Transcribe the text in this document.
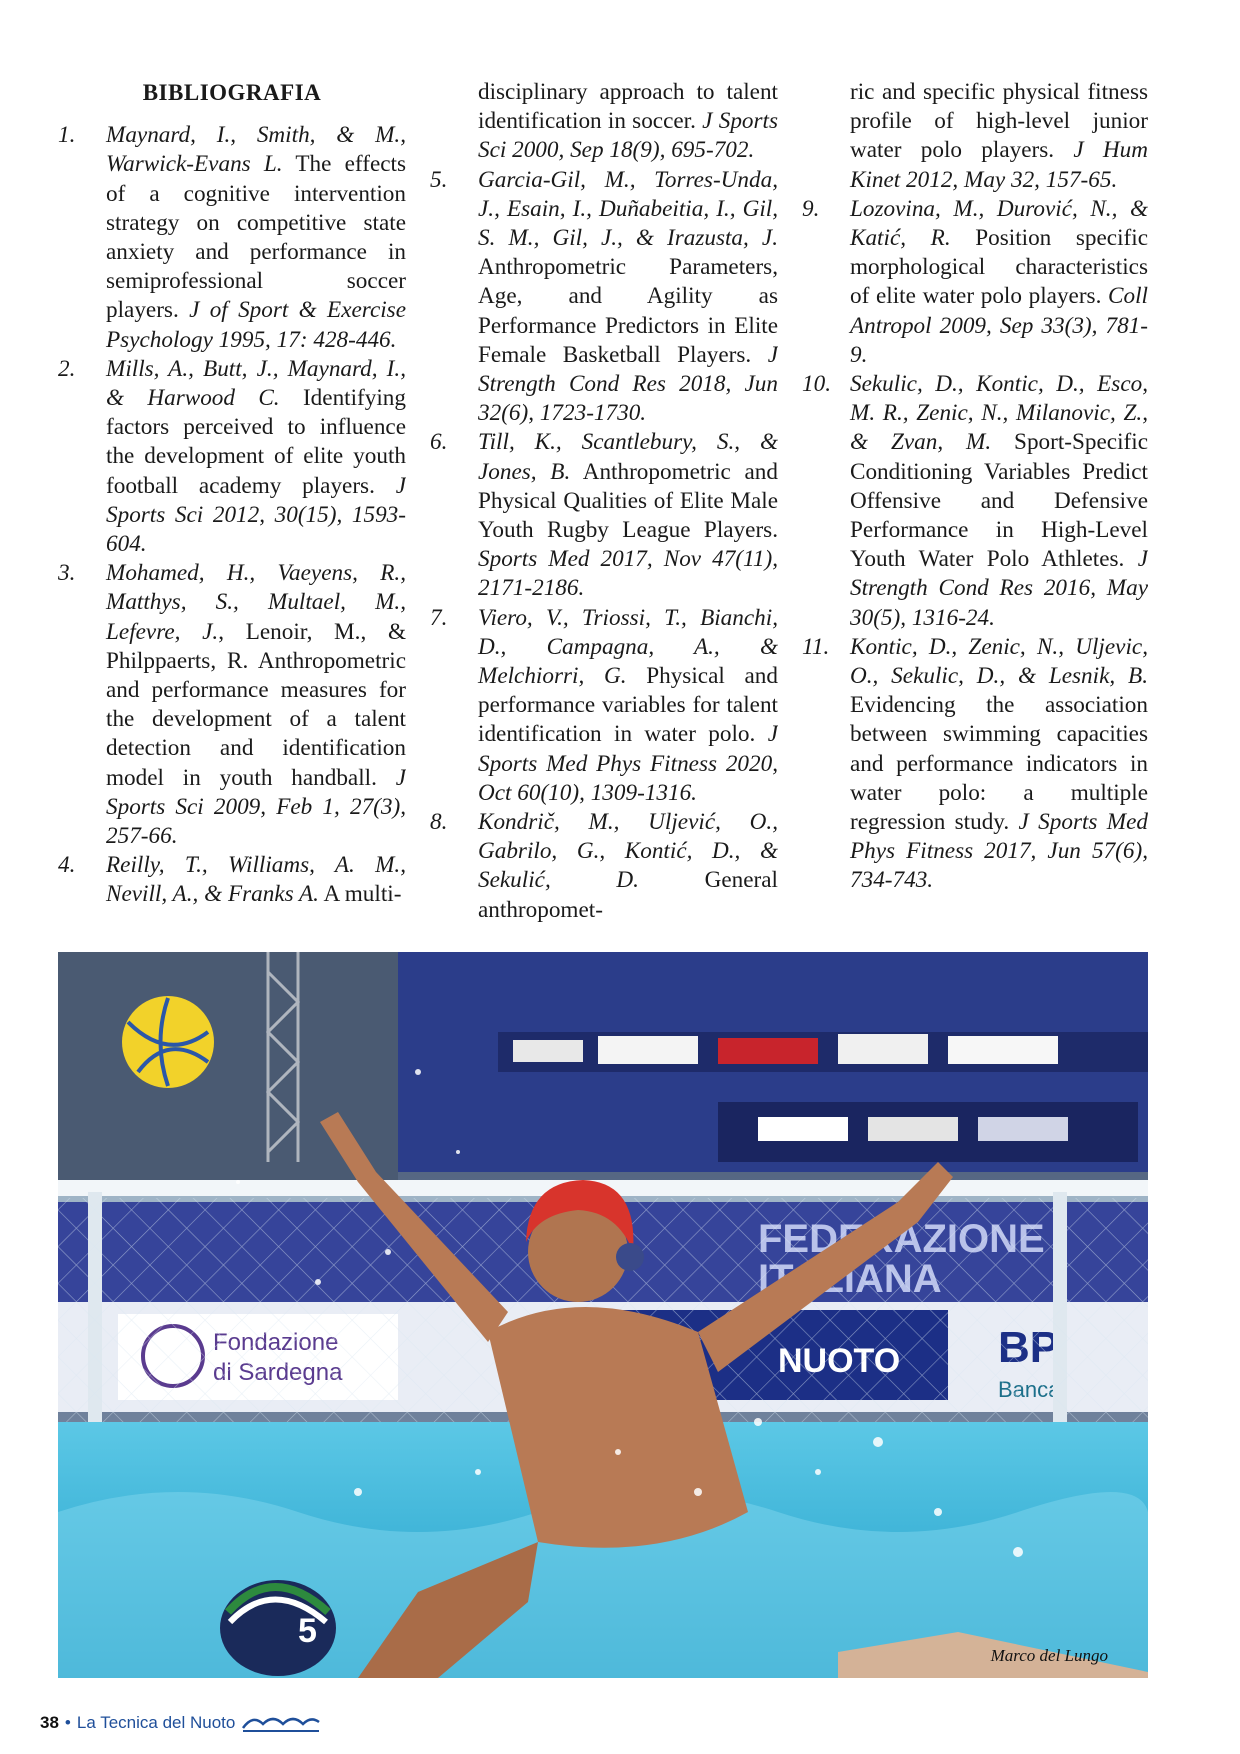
BIBLIOGRAFIA

1. Maynard, I., Smith, & M., Warwick-Evans L. The effects of a cognitive intervention strategy on competitive state anxiety and performance in semiprofessional soccer players. J of Sport & Exercise Psychology 1995, 17: 428-446.

2. Mills, A., Butt, J., Maynard, I., & Harwood C. Identifying factors perceived to influence the development of elite youth football academy players. J Sports Sci 2012, 30(15), 1593-604.

3. Mohamed, H., Vaeyens, R., Matthys, S., Multael, M., Lefevre, J., Lenoir, M., & Philppaerts, R. Anthropometric and performance measures for the development of a talent detection and identification model in youth handball. J Sports Sci 2009, Feb 1, 27(3), 257-66.

4. Reilly, T., Williams, A. M., Nevill, A., & Franks A. A multi-

disciplinary approach to talent identification in soccer. J Sports Sci 2000, Sep 18(9), 695-702.

5. Garcia-Gil, M., Torres-Unda, J., Esain, I., Duñabeitia, I., Gil, S. M., Gil, J., & Irazusta, J. Anthropometric Parameters, Age, and Agility as Performance Predictors in Elite Female Basketball Players. J Strength Cond Res 2018, Jun 32(6), 1723-1730.

6. Till, K., Scantlebury, S., & Jones, B. Anthropometric and Physical Qualities of Elite Male Youth Rugby League Players. Sports Med 2017, Nov 47(11), 2171-2186.

7. Viero, V., Triossi, T., Bianchi, D., Campagna, A., & Melchiorri, G. Physical and performance variables for talent identification in water polo. J Sports Med Phys Fitness 2020, Oct 60(10), 1309-1316.

8. Kondrič, M., Uljević, O., Gabrilo, G., Kontić, D., & Sekulić, D. General anthropomet-

ric and specific physical fitness profile of high-level junior water polo players. J Hum Kinet 2012, May 32, 157-65.

9. Lozovina, M., Durović, N., & Katić, R. Position specific morphological characteristics of elite water polo players. Coll Antropol 2009, Sep 33(3), 781-9.

10. Sekulic, D., Kontic, D., Esco, M. R., Zenic, N., Milanovic, Z., & Zvan, M. Sport-Specific Conditioning Variables Predict Offensive and Defensive Performance in High-Level Youth Water Polo Athletes. J Strength Cond Res 2016, May 30(5), 1316-24.

11. Kontic, D., Zenic, N., Uljevic, O., Sekulic, D., & Lesnik, B. Evidencing the association between swimming capacities and performance indicators in water polo: a multiple regression study. J Sports Med Phys Fitness 2017, Jun 57(6), 734-743.

5
Marco del Lungo
38 • La Tecnica del Nuoto
